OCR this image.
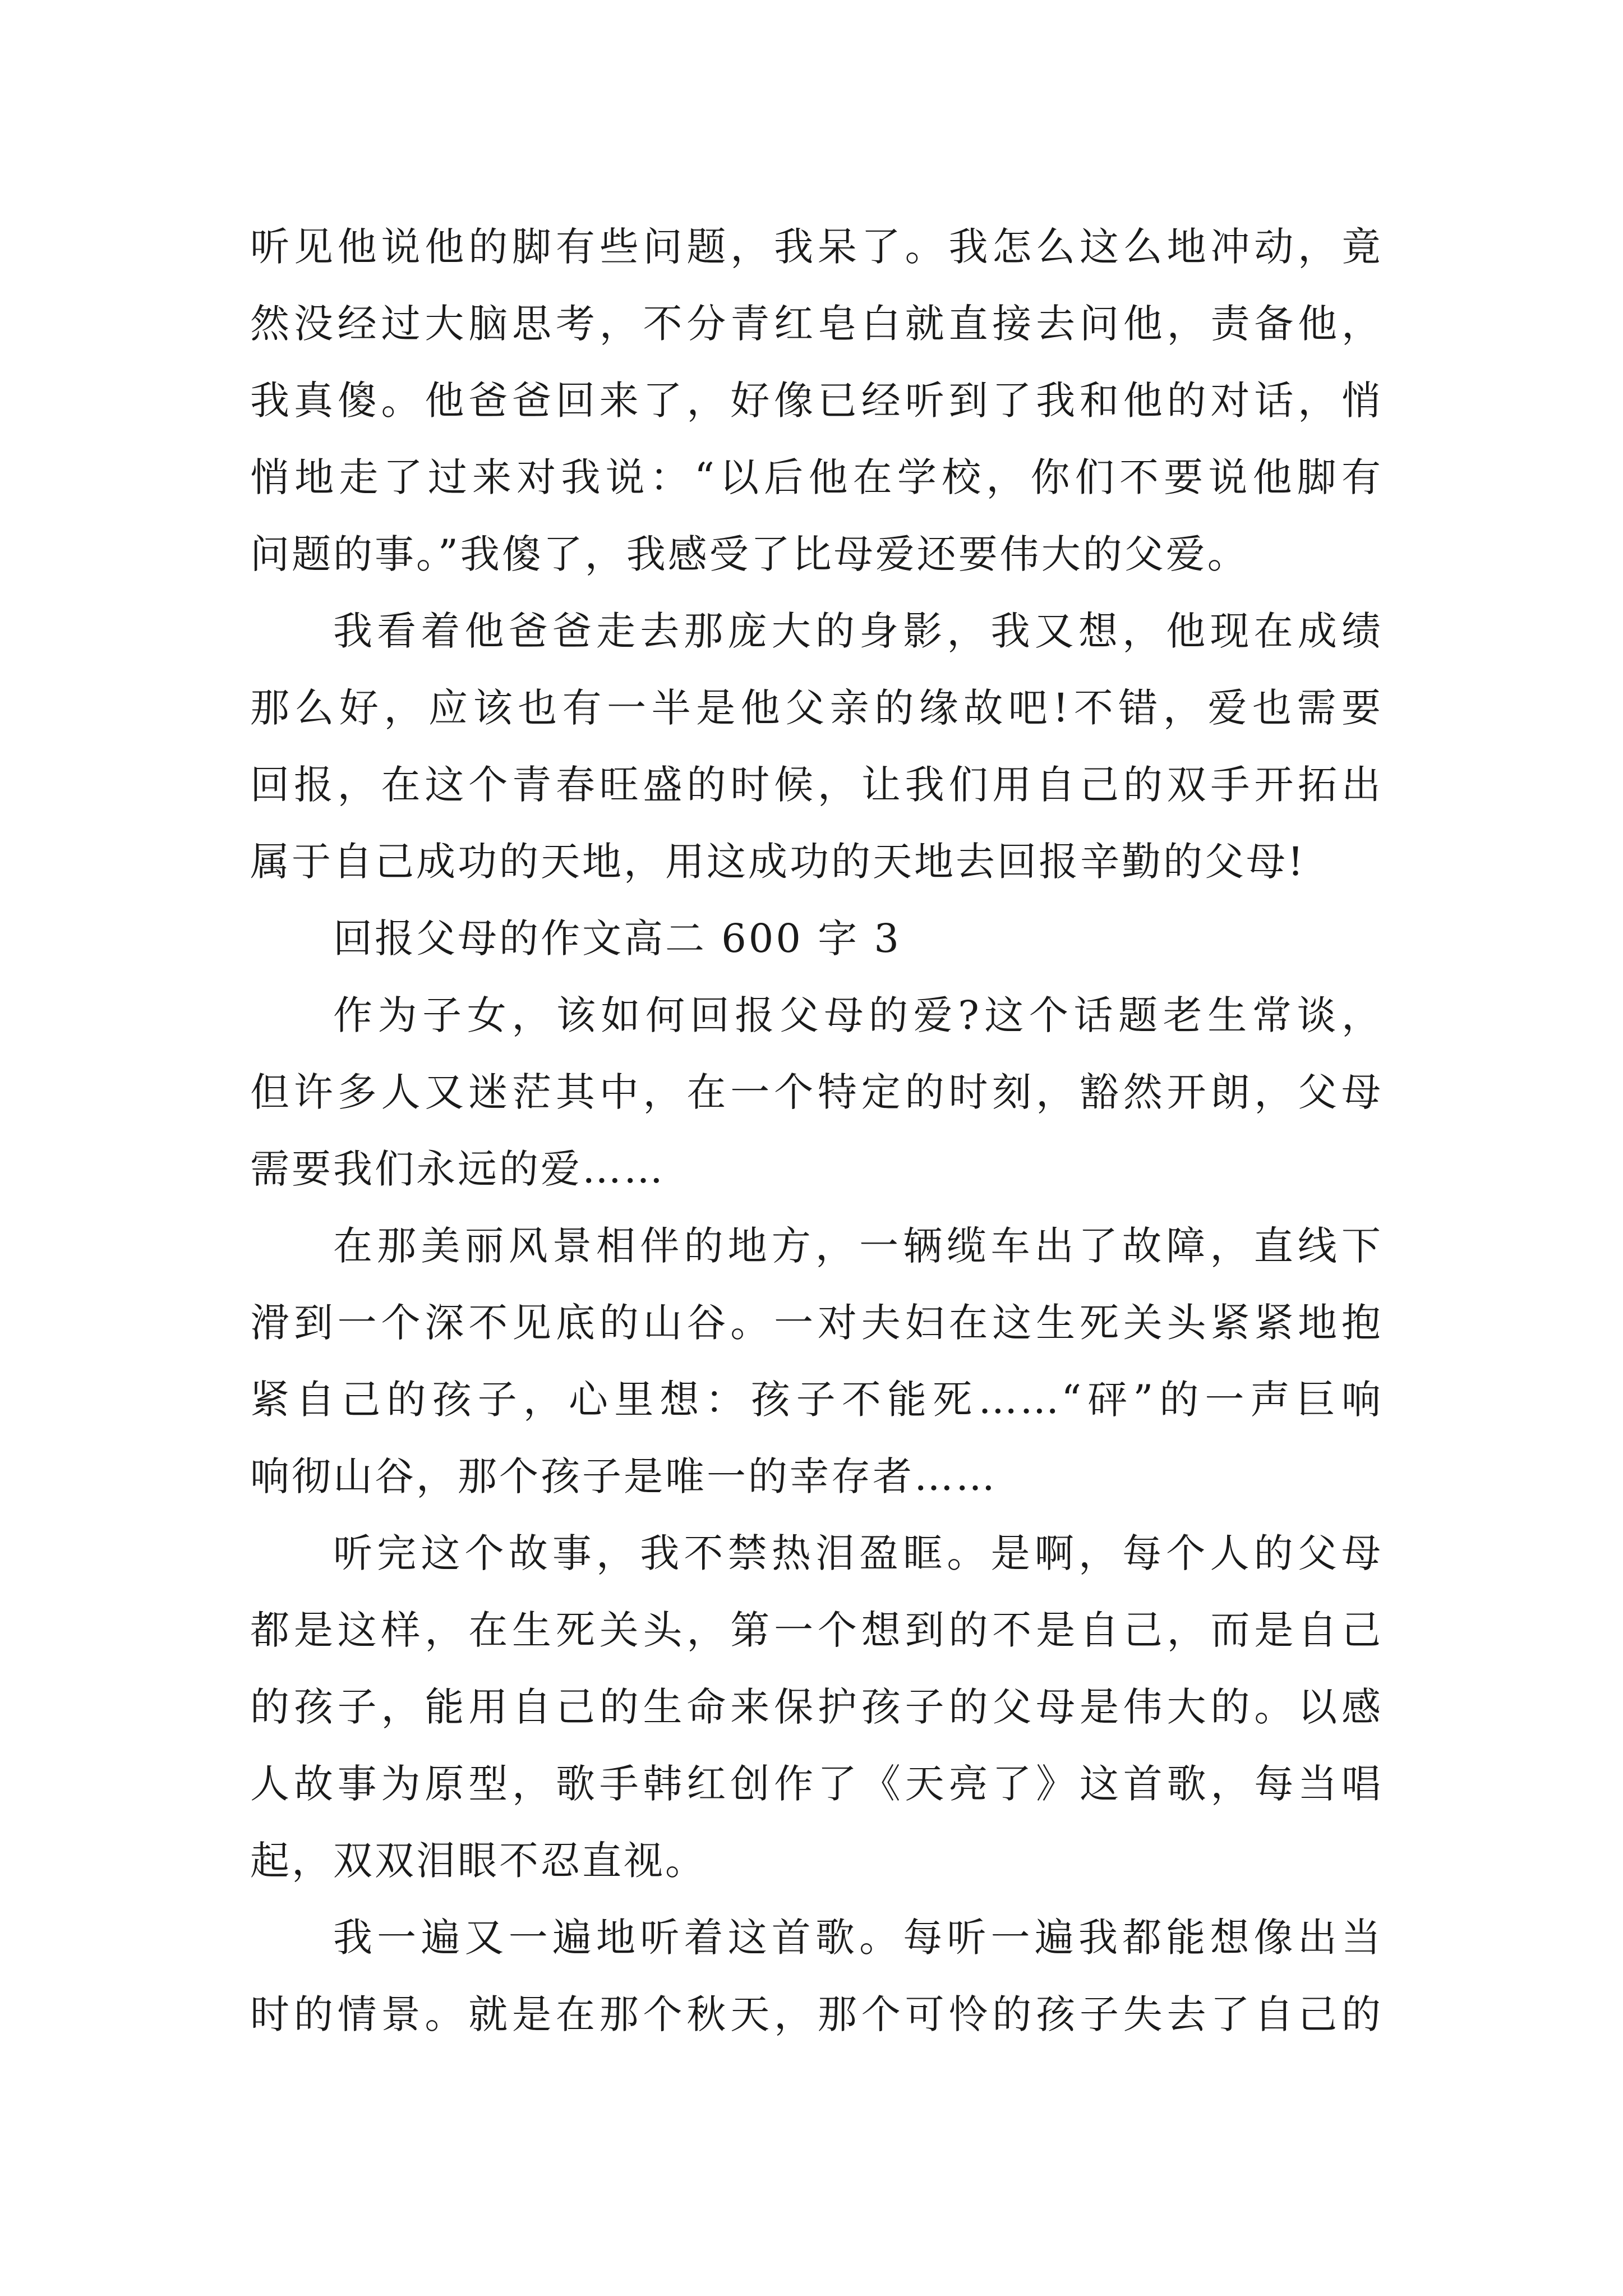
听见他说他的脚有些问题，我呆了。我怎么这么地冲动，竟
然没经过大脑思考，不分青红皂白就直接去问他，责备他，
我真傻。他爸爸回来了，好像已经听到了我和他的对话，悄
悄地走了过来对我说：“以后他在学校，你们不要说他脚有
问题的事。”我傻了，我感受了比母爱还要伟大的父爱。
我看着他爸爸走去那庞大的身影，我又想，他现在成绩
那么好，应该也有一半是他父亲的缘故吧!不错，爱也需要
回报，在这个青春旺盛的时候，让我们用自己的双手开拓出
属于自己成功的天地，用这成功的天地去回报辛勤的父母!
回报父母的作文高二 600 字 3
作为子女，该如何回报父母的爱?这个话题老生常谈，
但许多人又迷茫其中，在一个特定的时刻，豁然开朗，父母
需要我们永远的爱……
在那美丽风景相伴的地方，一辆缆车出了故障，直线下
滑到一个深不见底的山谷。一对夫妇在这生死关头紧紧地抱
紧自己的孩子，心里想：孩子不能死……“砰”的一声巨响
响彻山谷，那个孩子是唯一的幸存者……
听完这个故事，我不禁热泪盈眶。是啊，每个人的父母
都是这样，在生死关头，第一个想到的不是自己，而是自己
的孩子，能用自己的生命来保护孩子的父母是伟大的。以感
人故事为原型，歌手韩红创作了《天亮了》这首歌，每当唱
起，双双泪眼不忍直视。
我一遍又一遍地听着这首歌。每听一遍我都能想像出当
时的情景。就是在那个秋天，那个可怜的孩子失去了自己的
